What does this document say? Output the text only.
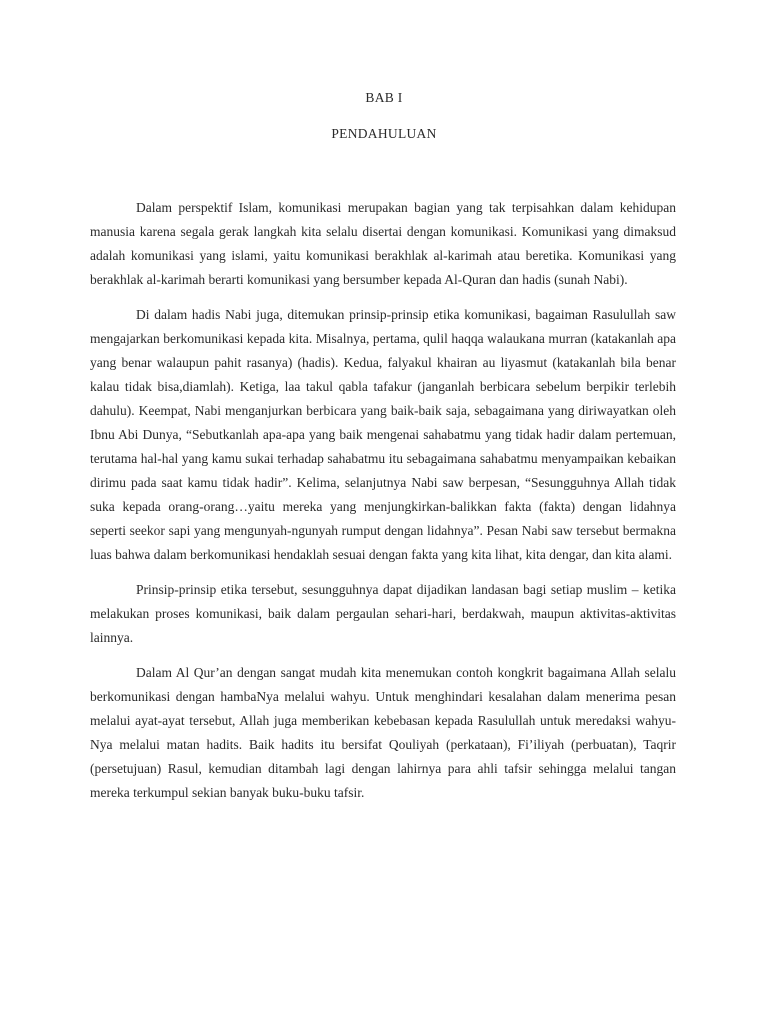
BAB I
PENDAHULUAN

Dalam perspektif Islam, komunikasi merupakan bagian yang tak terpisahkan dalam kehidupan manusia karena segala gerak langkah kita selalu disertai dengan komunikasi. Komunikasi yang dimaksud adalah komunikasi yang islami, yaitu komunikasi berakhlak al-karimah atau beretika. Komunikasi yang berakhlak al-karimah berarti komunikasi yang bersumber kepada Al-Quran dan hadis (sunah Nabi).

Di dalam hadis Nabi juga, ditemukan prinsip-prinsip etika komunikasi, bagaiman Rasulullah saw mengajarkan berkomunikasi kepada kita. Misalnya, pertama, qulil haqqa walaukana murran (katakanlah apa yang benar walaupun pahit rasanya) (hadis). Kedua, falyakul khairan au liyasmut (katakanlah bila benar kalau tidak bisa,diamlah). Ketiga, laa takul qabla tafakur (janganlah berbicara sebelum berpikir terlebih dahulu). Keempat, Nabi menganjurkan berbicara yang baik-baik saja, sebagaimana yang diriwayatkan oleh Ibnu Abi Dunya, “Sebutkanlah apa-apa yang baik mengenai sahabatmu yang tidak hadir dalam pertemuan, terutama hal-hal yang kamu sukai terhadap sahabatmu itu sebagaimana sahabatmu menyampaikan kebaikan dirimu pada saat kamu tidak hadir”. Kelima, selanjutnya Nabi saw berpesan, “Sesungguhnya Allah tidak suka kepada orang-orang…yaitu mereka yang menjungkirkan-balikkan fakta (fakta) dengan lidahnya seperti seekor sapi yang mengunyah-ngunyah rumput dengan lidahnya”. Pesan Nabi saw tersebut bermakna luas bahwa dalam berkomunikasi hendaklah sesuai dengan fakta yang kita lihat, kita dengar, dan kita alami.

Prinsip-prinsip etika tersebut, sesungguhnya dapat dijadikan landasan bagi setiap muslim – ketika melakukan proses komunikasi, baik dalam pergaulan sehari-hari, berdakwah, maupun aktivitas-aktivitas lainnya.

Dalam Al Qur’an dengan sangat mudah kita menemukan contoh kongkrit bagaimana Allah selalu berkomunikasi dengan hambaNya melalui wahyu. Untuk menghindari kesalahan dalam menerima pesan melalui ayat-ayat tersebut, Allah juga memberikan kebebasan kepada Rasulullah untuk meredaksi wahyu-Nya melalui matan hadits. Baik hadits itu bersifat Qouliyah (perkataan), Fi’iliyah (perbuatan), Taqrir (persetujuan) Rasul, kemudian ditambah lagi dengan lahirnya para ahli tafsir sehingga melalui tangan mereka terkumpul sekian banyak buku-buku tafsir.
